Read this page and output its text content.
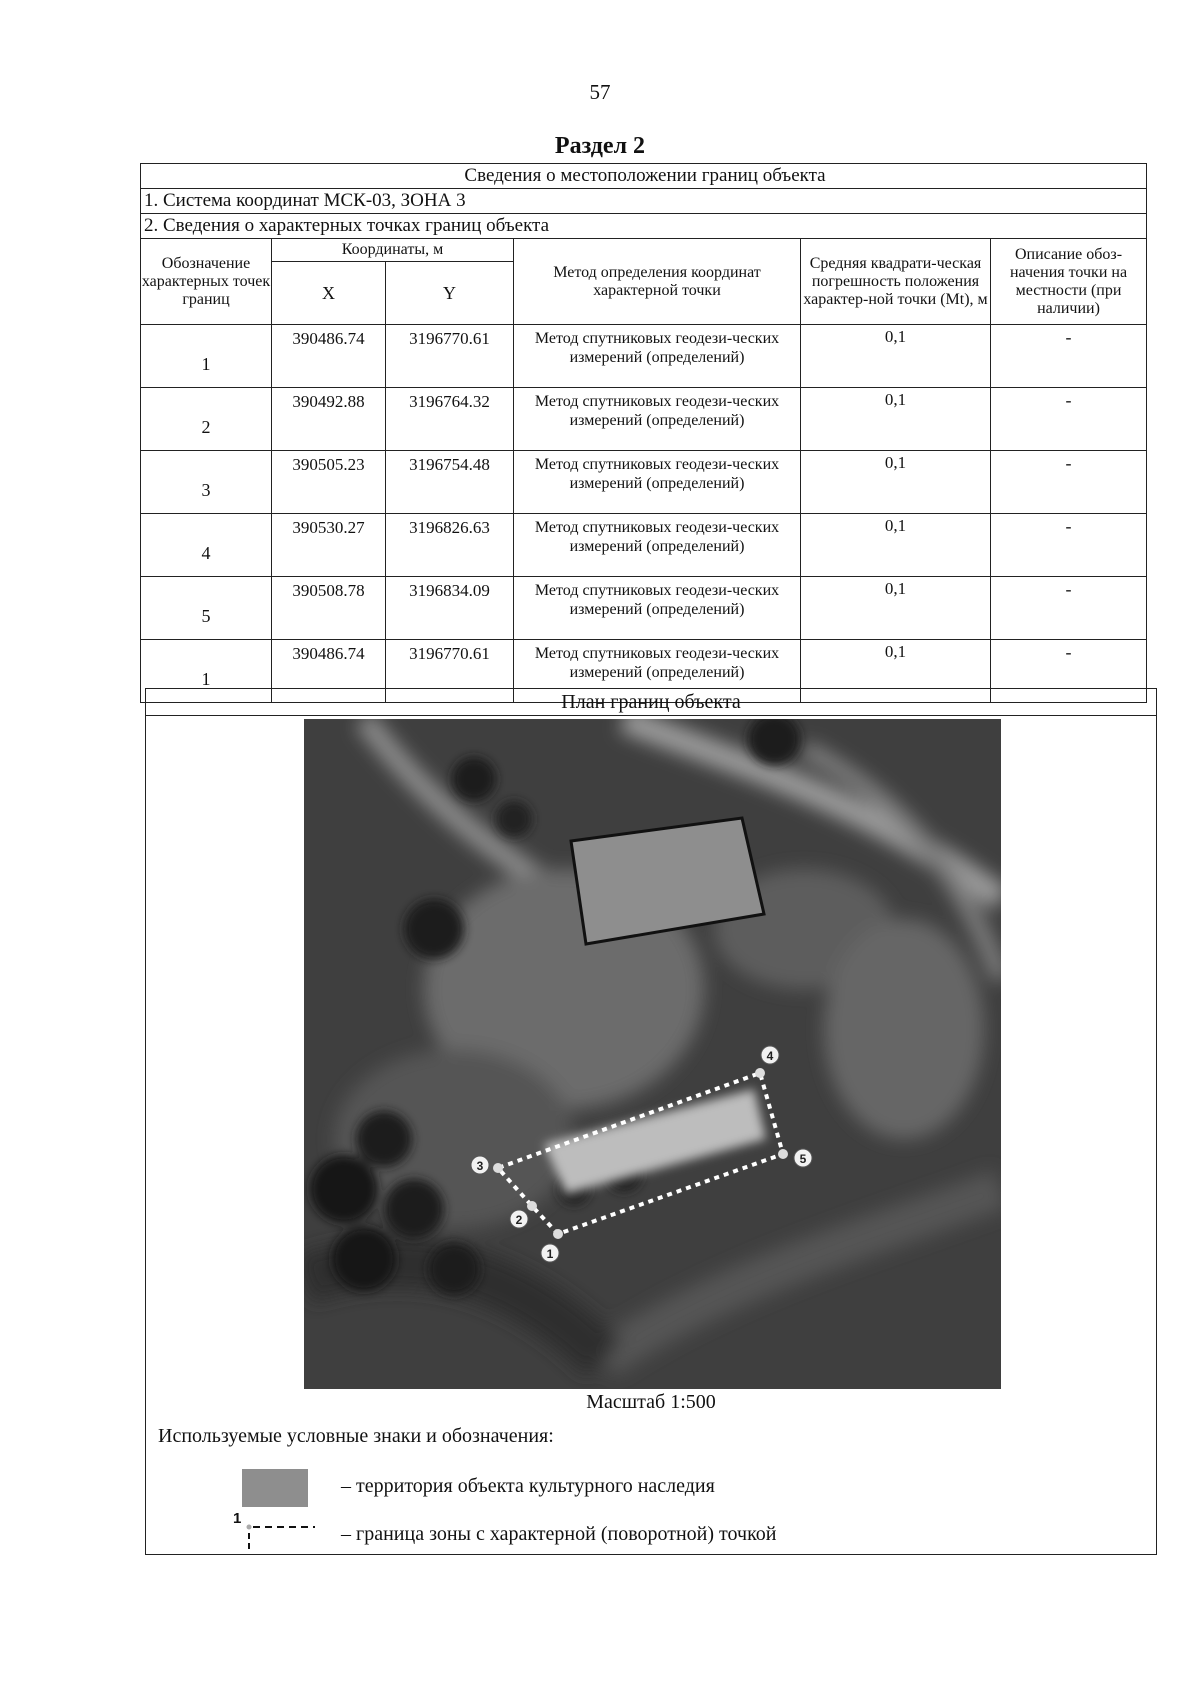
57
Раздел 2
Сведения о местоположении границ объекта					
1. Система координат МСК-03, ЗОНА 3					
2. Сведения о характерных точках границ объекта					
Обозначение характерных точек границ	Координаты, м		Метод определения координат характерной точки	Средняя квадрати-ческая погрешность положения характер-ной точки (Mt), м	Описание обоз-начения точки на местности (при наличии)
	X	Y			
1	390486.74	3196770.61	Метод спутниковых геодези-ческих измерений (определений)	0,1	-
2	390492.88	3196764.32	Метод спутниковых геодези-ческих измерений (определений)	0,1	-
3	390505.23	3196754.48	Метод спутниковых геодези-ческих измерений (определений)	0,1	-
4	390530.27	3196826.63	Метод спутниковых геодези-ческих измерений (определений)	0,1	-
5	390508.78	3196834.09	Метод спутниковых геодези-ческих измерений (определений)	0,1	-
1	390486.74	3196770.61	Метод спутниковых геодези-ческих измерений (определений)	0,1	-
План границ объекта
1
2
3
4
5
Масштаб 1:500
Используемые условные знаки и обозначения:
– территория объекта культурного наследия
1
– граница зоны с характерной (поворотной) точкой
